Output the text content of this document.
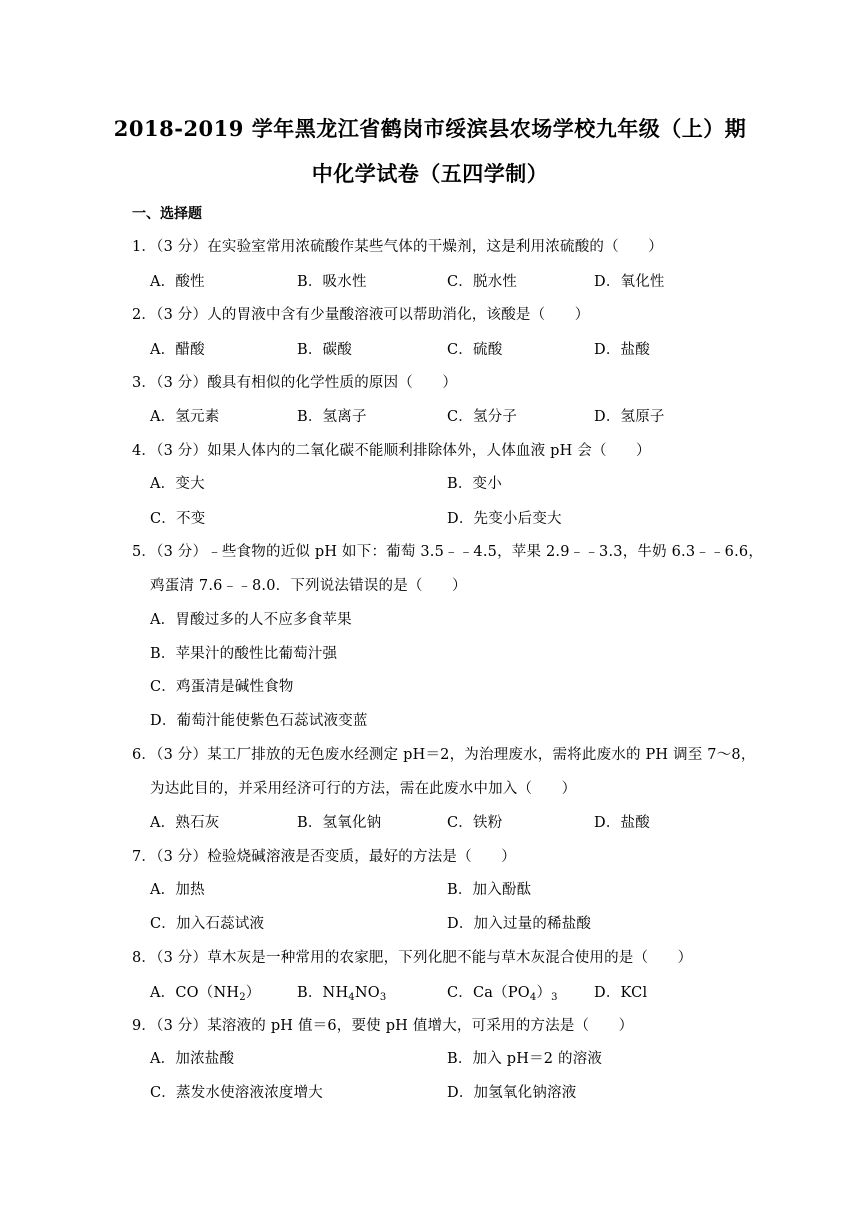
2018-2019 学年黑龙江省鹤岗市绥滨县农场学校九年级（上）期
中化学试卷（五四学制）
一、选择题
1．（3 分）在实验室常用浓硫酸作某些气体的干燥剂，这是利用浓硫酸的（　　）
A．酸性	B．吸水性	C．脱水性	D．氧化性
2．（3 分）人的胃液中含有少量酸溶液可以帮助消化，该酸是（　　）
A．醋酸	B．碳酸	C．硫酸	D．盐酸
3．（3 分）酸具有相似的化学性质的原因（　　）
A．氢元素	B．氢离子	C．氢分子	D．氢原子
4．（3 分）如果人体内的二氧化碳不能顺利排除体外，人体血液 pH 会（　　）
A．变大	B．变小
C．不变	D．先变小后变大
5．（3 分）﹣些食物的近似 pH 如下：葡萄 3.5﹣﹣4.5，苹果 2.9﹣﹣3.3，牛奶 6.3﹣﹣6.6，
鸡蛋清 7.6﹣﹣8.0．下列说法错误的是（　　）
A．胃酸过多的人不应多食苹果
B．苹果汁的酸性比葡萄汁强
C．鸡蛋清是碱性食物
D．葡萄汁能使紫色石蕊试液变蓝
6．（3 分）某工厂排放的无色废水经测定 pH＝2，为治理废水，需将此废水的 PH 调至 7～8，
为达此目的，并采用经济可行的方法，需在此废水中加入（　　）
A．熟石灰	B．氢氧化钠	C．铁粉	D．盐酸
7．（3 分）检验烧碱溶液是否变质，最好的方法是（　　）
A．加热	B．加入酚酞
C．加入石蕊试液	D．加入过量的稀盐酸
8．（3 分）草木灰是一种常用的农家肥，下列化肥不能与草木灰混合使用的是（　　）
A．$CO(NH_2)$	B．$NH_4NO_3$	C．$Ca(PO_4)_3$	D．KCl
9．（3 分）某溶液的 pH 值＝6，要使 pH 值增大，可采用的方法是（　　）
A．加浓盐酸	B．加入 pH＝2 的溶液
C．蒸发水使溶液浓度增大	D．加氢氧化钠溶液
